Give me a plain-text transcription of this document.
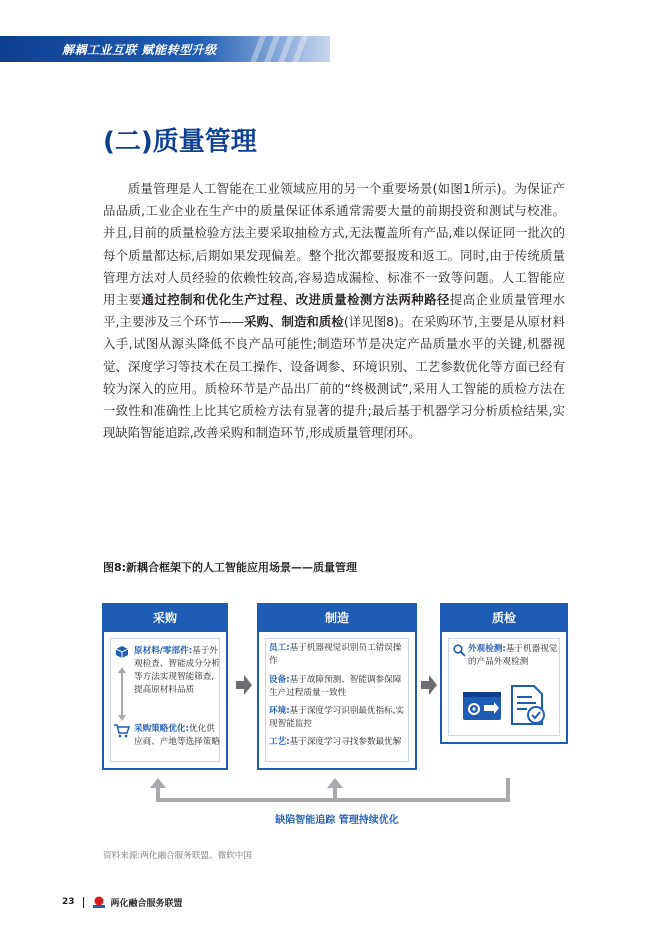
解耦工业互联 赋能转型升级
(二)质量管理

质量管理是人工智能在工业领域应用的另一个重要场景(如图1所示)。为保证产品品质,工业企业在生产中的质量保证体系通常需要大量的前期投资和测试与校准。并且,目前的质量检验方法主要采取抽检方式,无法覆盖所有产品,难以保证同一批次的每个质量都达标,后期如果发现偏差。整个批次都要报废和返工。同时,由于传统质量管理方法对人员经验的依赖性较高,容易造成漏检、标准不一致等问题。人工智能应用主要通过控制和优化生产过程、改进质量检测方法两种路径提高企业质量管理水平,主要涉及三个环节——采购、制造和质检(详见图8)。在采购环节,主要是从原材料入手,试图从源头降低不良产品可能性;制造环节是决定产品质量水平的关键,机器视觉、深度学习等技术在员工操作、设备调参、环境识别、工艺参数优化等方面已经有较为深入的应用。质检环节是产品出厂前的“终极测试”,采用人工智能的质检方法在一致性和准确性上比其它质检方法有显著的提升;最后基于机器学习分析质检结果,实现缺陷智能追踪,改善采购和制造环节,形成质量管理闭环。

图8:新耦合框架下的人工智能应用场景——质量管理
采购
原材料/零部件:基于外观检查、智能成分分析等方法实现智能筛查,提高原材料品质
采购策略优化:优化供应商、产地等选择策略
制造
员工:基于机器视觉识别员工错误操作
设备:基于故障预测、智能调参保障生产过程质量一致性
环境:基于深度学习识别最优指标,实现智能监控
工艺:基于深度学习寻找参数最优解
质检
外观检测:基于机器视觉的产品外观检测
缺陷智能追踪 管理持续优化
资料来源:两化融合服务联盟、微软中国
23	两化融合服务联盟
